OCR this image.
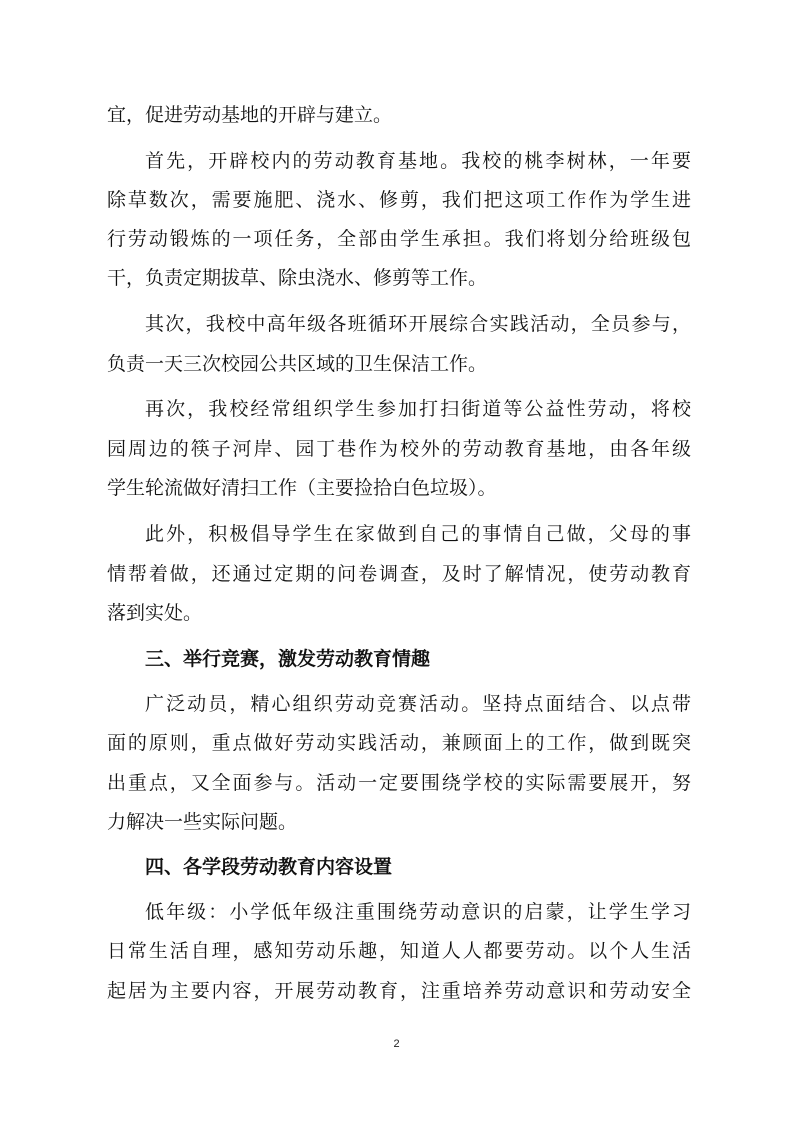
宜，促进劳动基地的开辟与建立。
首先，开辟校内的劳动教育基地。我校的桃李树林，一年要
除草数次，需要施肥、浇水、修剪，我们把这项工作作为学生进
行劳动锻炼的一项任务，全部由学生承担。我们将划分给班级包
干，负责定期拔草、除虫浇水、修剪等工作。
其次，我校中高年级各班循环开展综合实践活动，全员参与，
负责一天三次校园公共区域的卫生保洁工作。
再次，我校经常组织学生参加打扫街道等公益性劳动，将校
园周边的筷子河岸、园丁巷作为校外的劳动教育基地，由各年级
学生轮流做好清扫工作（主要捡拾白色垃圾）。
此外，积极倡导学生在家做到自己的事情自己做，父母的事
情帮着做，还通过定期的问卷调查，及时了解情况，使劳动教育
落到实处。
三、举行竞赛，激发劳动教育情趣
广泛动员，精心组织劳动竞赛活动。坚持点面结合、以点带
面的原则，重点做好劳动实践活动，兼顾面上的工作，做到既突
出重点，又全面参与。活动一定要围绕学校的实际需要展开，努
力解决一些实际问题。
四、各学段劳动教育内容设置
低年级：小学低年级注重围绕劳动意识的启蒙，让学生学习
日常生活自理，感知劳动乐趣，知道人人都要劳动。以个人生活
起居为主要内容，开展劳动教育，注重培养劳动意识和劳动安全
2
